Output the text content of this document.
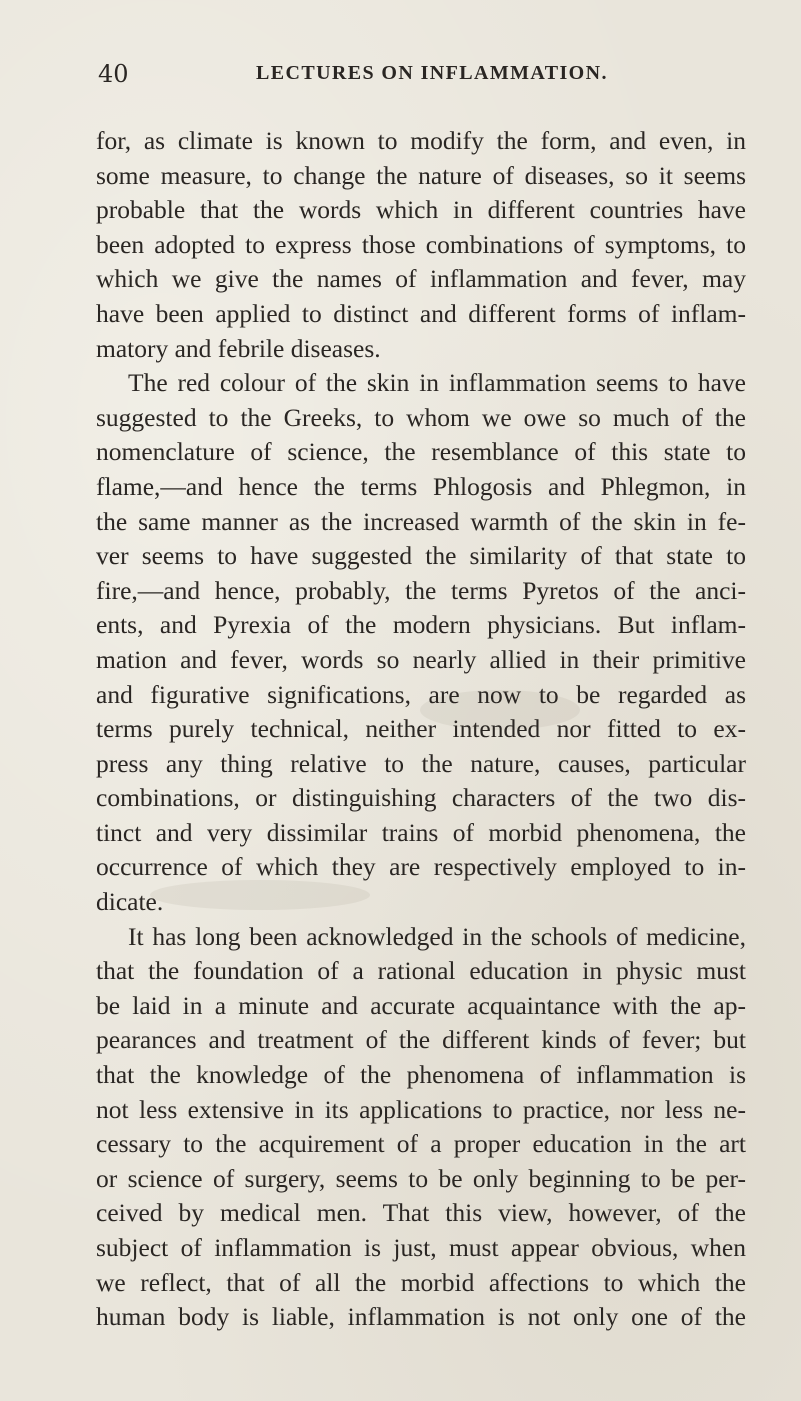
40	LECTURES ON INFLAMMATION.
for, as climate is known to modify the form, and even, in
some measure, to change the nature of diseases, so it seems
probable that the words which in different countries have
been adopted to express those combinations of symptoms, to
which we give the names of inflammation and fever, may
have been applied to distinct and different forms of inflam-
matory and febrile diseases.
The red colour of the skin in inflammation seems to have
suggested to the Greeks, to whom we owe so much of the
nomenclature of science, the resemblance of this state to
flame,—and hence the terms Phlogosis and Phlegmon, in
the same manner as the increased warmth of the skin in fe-
ver seems to have suggested the similarity of that state to
fire,—and hence, probably, the terms Pyretos of the anci-
ents, and Pyrexia of the modern physicians. But inflam-
mation and fever, words so nearly allied in their primitive
and figurative significations, are now to be regarded as
terms purely technical, neither intended nor fitted to ex-
press any thing relative to the nature, causes, particular
combinations, or distinguishing characters of the two dis-
tinct and very dissimilar trains of morbid phenomena, the
occurrence of which they are respectively employed to in-
dicate.
It has long been acknowledged in the schools of medicine,
that the foundation of a rational education in physic must
be laid in a minute and accurate acquaintance with the ap-
pearances and treatment of the different kinds of fever; but
that the knowledge of the phenomena of inflammation is
not less extensive in its applications to practice, nor less ne-
cessary to the acquirement of a proper education in the art
or science of surgery, seems to be only beginning to be per-
ceived by medical men. That this view, however, of the
subject of inflammation is just, must appear obvious, when
we reflect, that of all the morbid affections to which the
human body is liable, inflammation is not only one of the
